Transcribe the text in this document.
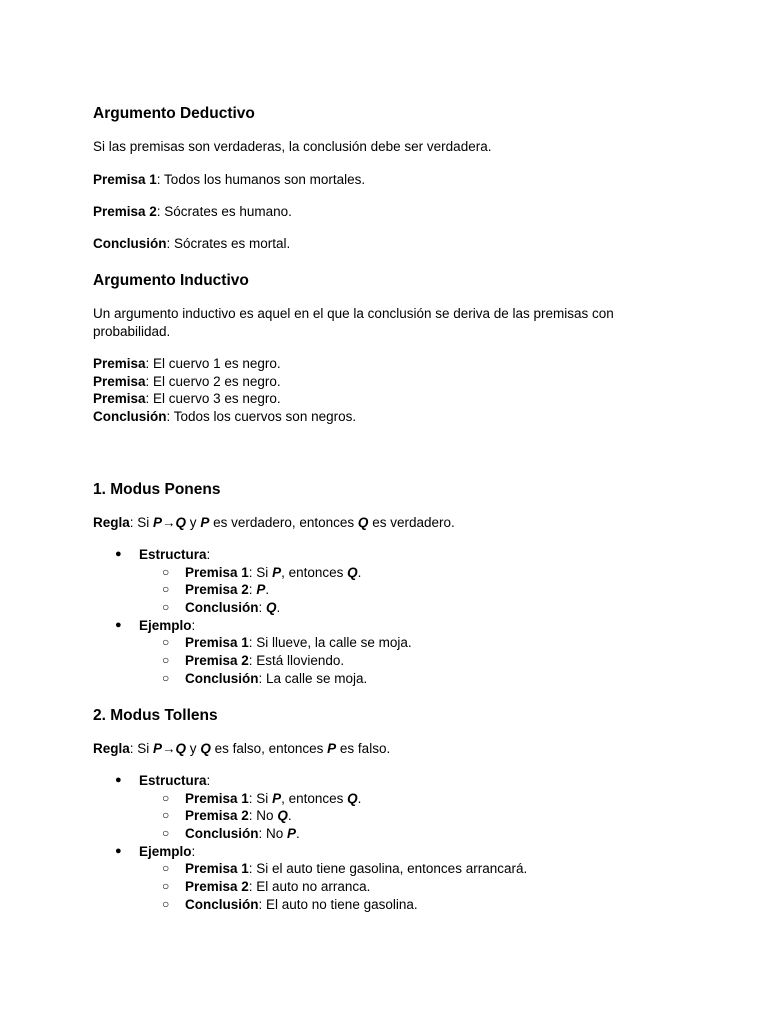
Argumento Deductivo

Si las premisas son verdaderas, la conclusión debe ser verdadera.

Premisa 1: Todos los humanos son mortales.

Premisa 2: Sócrates es humano.

Conclusión: Sócrates es mortal.

Argumento Inductivo

Un argumento inductivo es aquel en el que la conclusión se deriva de las premisas con probabilidad.

Premisa: El cuervo 1 es negro.
Premisa: El cuervo 2 es negro.
Premisa: El cuervo 3 es negro.
Conclusión: Todos los cuervos son negros.
1. Modus Ponens

Regla: Si P→Q y P es verdadero, entonces Q es verdadero.

● Estructura:
○ Premisa 1: Si P, entonces Q.
○ Premisa 2: P.
○ Conclusión: Q.
● Ejemplo:
○ Premisa 1: Si llueve, la calle se moja.
○ Premisa 2: Está lloviendo.
○ Conclusión: La calle se moja.
2. Modus Tollens

Regla: Si P→Q y Q es falso, entonces P es falso.

● Estructura:
○ Premisa 1: Si P, entonces Q.
○ Premisa 2: No Q.
○ Conclusión: No P.
● Ejemplo:
○ Premisa 1: Si el auto tiene gasolina, entonces arrancará.
○ Premisa 2: El auto no arranca.
○ Conclusión: El auto no tiene gasolina.
